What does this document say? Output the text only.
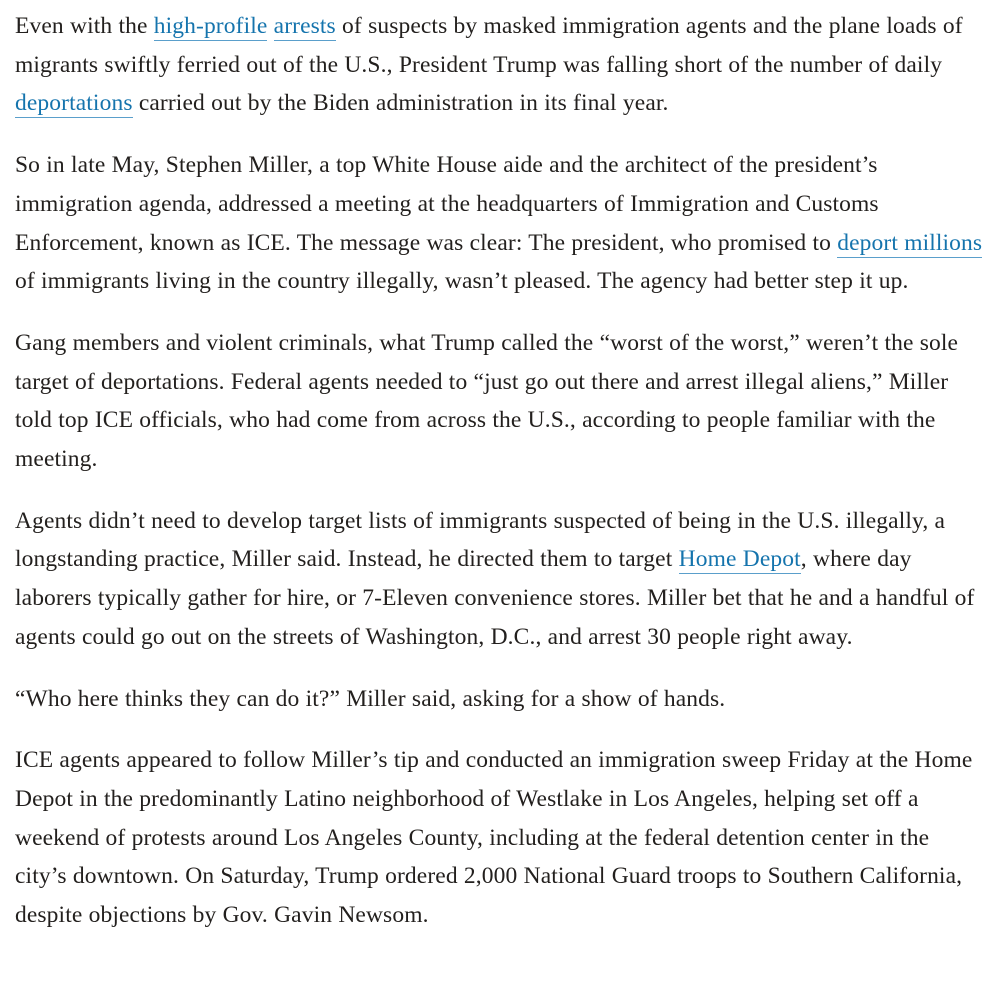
Even with the high-profile arrests of suspects by masked immigration agents and the plane loads of migrants swiftly ferried out of the U.S., President Trump was falling short of the number of daily deportations carried out by the Biden administration in its final year.

So in late May, Stephen Miller, a top White House aide and the architect of the president’s immigration agenda, addressed a meeting at the headquarters of Immigration and Customs Enforcement, known as ICE. The message was clear: The president, who promised to deport millions of immigrants living in the country illegally, wasn’t pleased. The agency had better step it up.

Gang members and violent criminals, what Trump called the “worst of the worst,” weren’t the sole target of deportations. Federal agents needed to “just go out there and arrest illegal aliens,” Miller told top ICE officials, who had come from across the U.S., according to people familiar with the meeting.

Agents didn’t need to develop target lists of immigrants suspected of being in the U.S. illegally, a longstanding practice, Miller said. Instead, he directed them to target Home Depot, where day laborers typically gather for hire, or 7-Eleven convenience stores. Miller bet that he and a handful of agents could go out on the streets of Washington, D.C., and arrest 30 people right away.

“Who here thinks they can do it?” Miller said, asking for a show of hands.

ICE agents appeared to follow Miller’s tip and conducted an immigration sweep Friday at the Home Depot in the predominantly Latino neighborhood of Westlake in Los Angeles, helping set off a weekend of protests around Los Angeles County, including at the federal detention center in the city’s downtown. On Saturday, Trump ordered 2,000 National Guard troops to Southern California, despite objections by Gov. Gavin Newsom.
